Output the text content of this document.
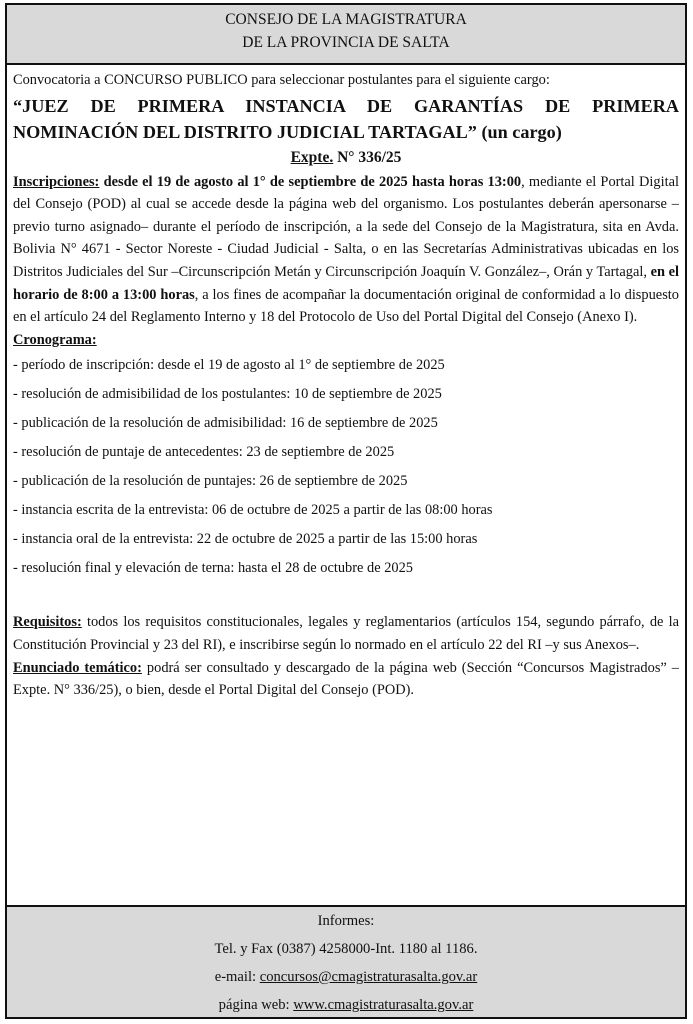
CONSEJO DE LA MAGISTRATURA
DE LA PROVINCIA DE SALTA
Convocatoria a CONCURSO PUBLICO para seleccionar postulantes para el siguiente cargo:
“JUEZ DE PRIMERA INSTANCIA DE GARANTÍAS DE PRIMERA NOMINACIÓN DEL DISTRITO JUDICIAL TARTAGAL” (un cargo)
Expte. N° 336/25
Inscripciones: desde el 19 de agosto al 1° de septiembre de 2025 hasta horas 13:00, mediante el Portal Digital del Consejo (POD) al cual se accede desde la página web del organismo. Los postulantes deberán apersonarse –previo turno asignado– durante el período de inscripción, a la sede del Consejo de la Magistratura, sita en Avda. Bolivia N° 4671 - Sector Noreste - Ciudad Judicial - Salta, o en las Secretarías Administrativas ubicadas en los Distritos Judiciales del Sur –Circunscripción Metán y Circunscripción Joaquín V. González–, Orán y Tartagal, en el horario de 8:00 a 13:00 horas, a los fines de acompañar la documentación original de conformidad a lo dispuesto en el artículo 24 del Reglamento Interno y 18 del Protocolo de Uso del Portal Digital del Consejo (Anexo I).
Cronograma:
- período de inscripción: desde el 19 de agosto al 1° de septiembre de 2025
- resolución de admisibilidad de los postulantes: 10 de septiembre de 2025
- publicación de la resolución de admisibilidad: 16 de septiembre de 2025
- resolución de puntaje de antecedentes: 23 de septiembre de 2025
- publicación de la resolución de puntajes: 26 de septiembre de 2025
- instancia escrita de la entrevista: 06 de octubre de 2025 a partir de las 08:00 horas
- instancia oral de la entrevista: 22 de octubre de 2025 a partir de las 15:00 horas
- resolución final y elevación de terna: hasta el 28 de octubre de 2025
Requisitos: todos los requisitos constitucionales, legales y reglamentarios (artículos 154, segundo párrafo, de la Constitución Provincial y 23 del RI), e inscribirse según lo normado en el artículo 22 del RI –y sus Anexos–.
Enunciado temático: podrá ser consultado y descargado de la página web (Sección “Concursos Magistrados” – Expte. N° 336/25), o bien, desde el Portal Digital del Consejo (POD).
Informes:
Tel. y Fax (0387) 4258000-Int. 1180 al 1186.
e-mail: concursos@cmagistraturasalta.gov.ar
página web: www.cmagistraturasalta.gov.ar
